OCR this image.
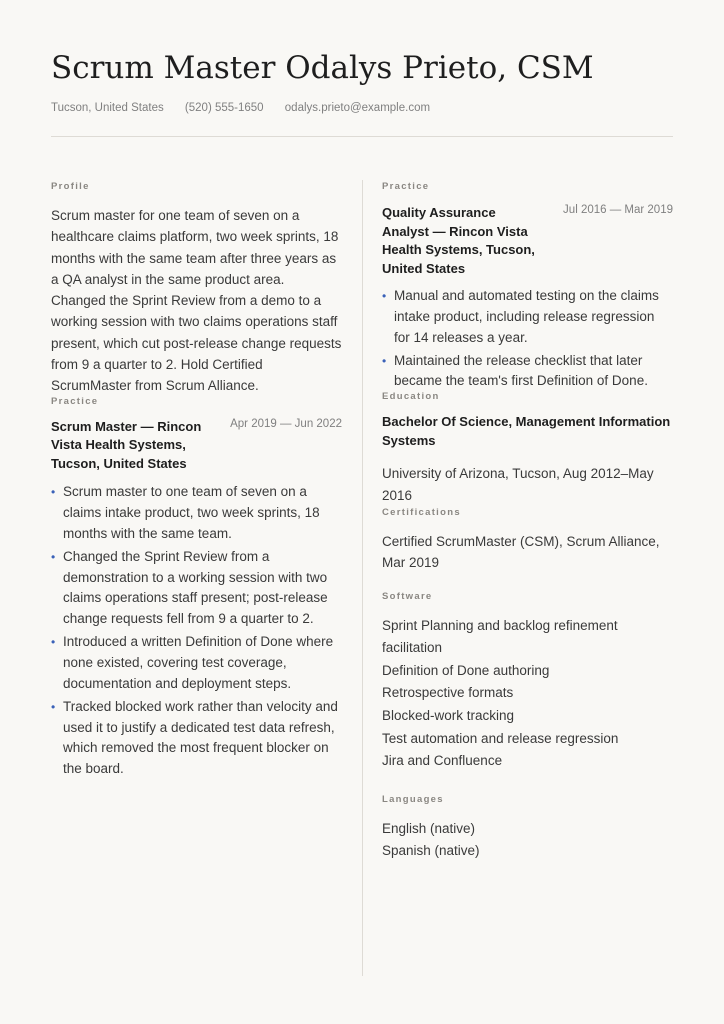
Scrum Master Odalys Prieto, CSM
Tucson, United States (520) 555-1650 odalys.prieto@example.com
Profile
Scrum master for one team of seven on a healthcare claims platform, two week sprints, 18 months with the same team after three years as a QA analyst in the same product area. Changed the Sprint Review from a demo to a working session with two claims operations staff present, which cut post-release change requests from 9 a quarter to 2. Hold Certified ScrumMaster from Scrum Alliance.
Practice
Scrum Master — Rincon Vista Health Systems, Tucson, United States
Apr 2019 — Jun 2022
• Scrum master to one team of seven on a claims intake product, two week sprints, 18 months with the same team.
• Changed the Sprint Review from a demonstration to a working session with two claims operations staff present; post-release change requests fell from 9 a quarter to 2.
• Introduced a written Definition of Done where none existed, covering test coverage, documentation and deployment steps.
• Tracked blocked work rather than velocity and used it to justify a dedicated test data refresh, which removed the most frequent blocker on the board.
Practice
Quality Assurance Analyst — Rincon Vista Health Systems, Tucson, United States
Jul 2016 — Mar 2019
• Manual and automated testing on the claims intake product, including release regression for 14 releases a year.
• Maintained the release checklist that later became the team's first Definition of Done.
Education
Bachelor Of Science, Management Information Systems
University of Arizona, Tucson, Aug 2012–May 2016
Certifications
Certified ScrumMaster (CSM), Scrum Alliance, Mar 2019
Software
Sprint Planning and backlog refinement facilitation
Definition of Done authoring
Retrospective formats
Blocked-work tracking
Test automation and release regression
Jira and Confluence
Languages
English (native)
Spanish (native)
